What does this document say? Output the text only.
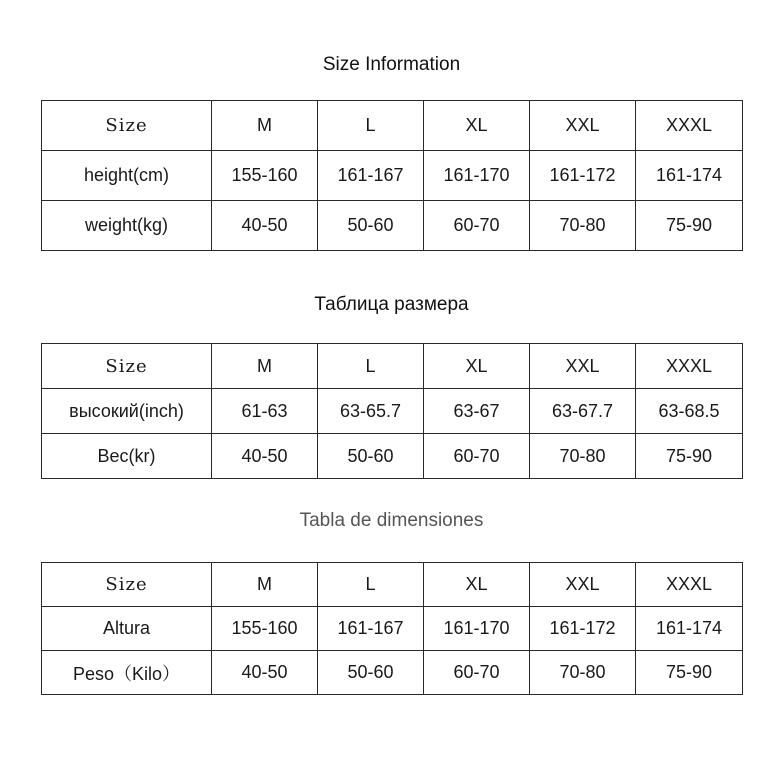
Size Information
Size	M	L	XL	XXL	XXXL
height(cm)	155-160	161-167	161-170	161-172	161-174
weight(kg)	40-50	50-60	60-70	70-80	75-90
Таблица размера
Size	M	L	XL	XXL	XXXL
высокий(inch)	61-63	63-65.7	63-67	63-67.7	63-68.5
Вес(kr)	40-50	50-60	60-70	70-80	75-90
Tabla de dimensiones
Size	M	L	XL	XXL	XXXL
Altura	155-160	161-167	161-170	161-172	161-174
Peso（Kilo）	40-50	50-60	60-70	70-80	75-90
